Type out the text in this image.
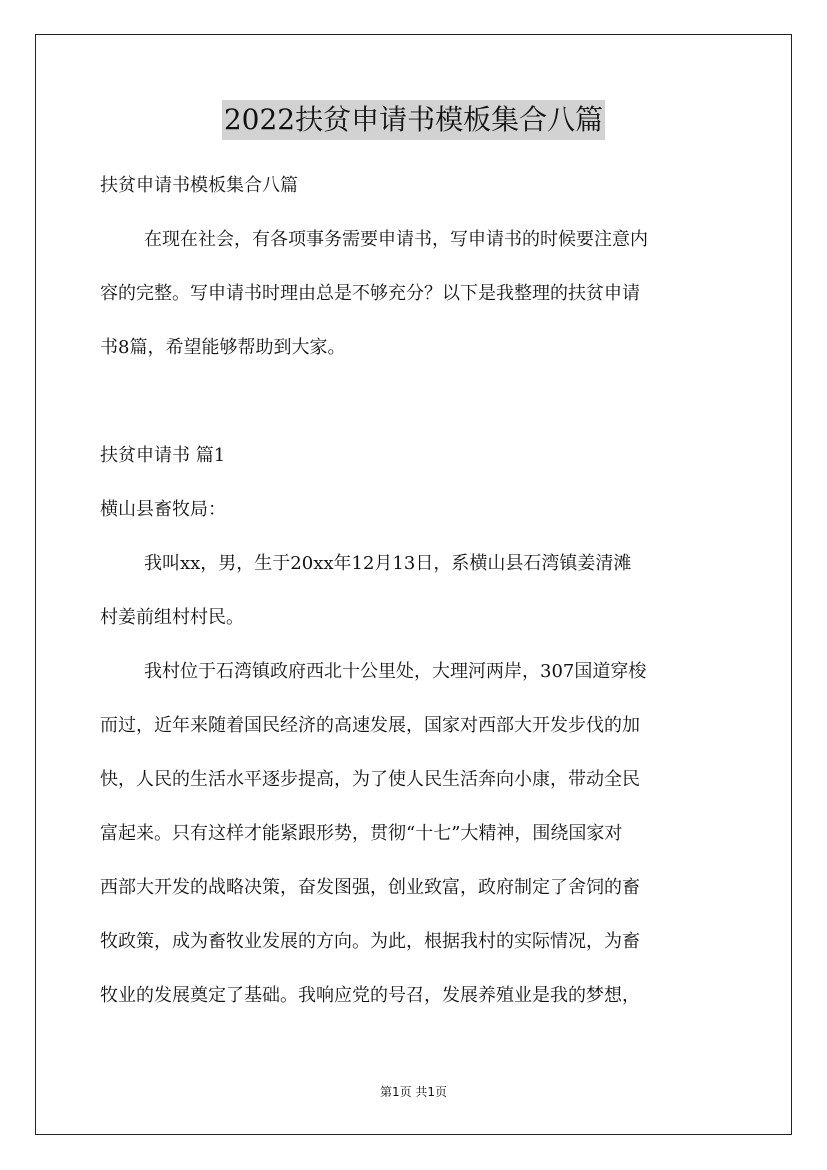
2022扶贫申请书模板集合八篇

扶贫申请书模板集合八篇

在现在社会，有各项事务需要申请书，写申请书的时候要注意内

容的完整。写申请书时理由总是不够充分？以下是我整理的扶贫申请

书8篇，希望能够帮助到大家。

扶贫申请书 篇1

横山县畜牧局：

我叫xx，男，生于20xx年12月13日，系横山县石湾镇姜清滩

村姜前组村村民。

我村位于石湾镇政府西北十公里处，大理河两岸，307国道穿梭

而过，近年来随着国民经济的高速发展，国家对西部大开发步伐的加

快，人民的生活水平逐步提高，为了使人民生活奔向小康，带动全民

富起来。只有这样才能紧跟形势，贯彻“十七”大精神，围绕国家对

西部大开发的战略决策，奋发图强，创业致富，政府制定了舍饲的畜

牧政策，成为畜牧业发展的方向。为此，根据我村的实际情况，为畜

牧业的发展奠定了基础。我响应党的号召，发展养殖业是我的梦想，

第1页 共1页
